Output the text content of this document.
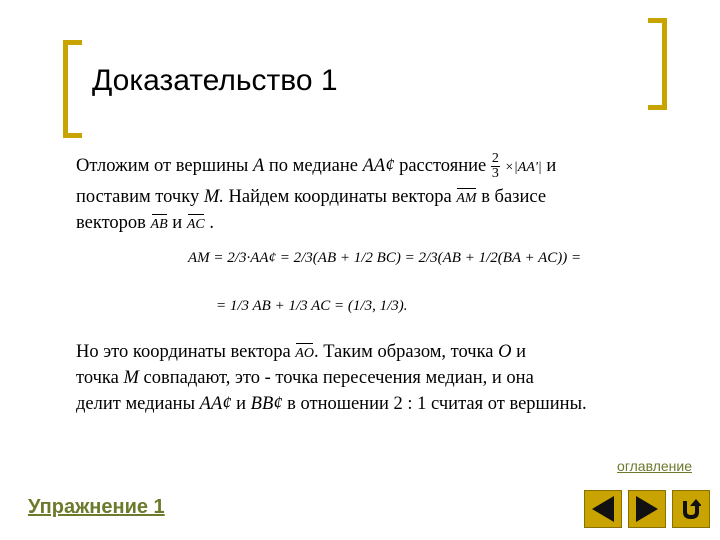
Доказательство 1
Отложим от вершины A по медиане AA¢ расстояние $\frac{2}{3} \times|AA'|$ и
поставим точку M. Найдем координаты вектора AM в базисе
векторов AB и AC .
AM = 2/3·AA¢ = 2/3(AB + 1/2 BC) = 2/3(AB + 1/2(BA + AC)) =
= 1/3 AB + 1/3 AC = (1/3, 1/3).
Но это координаты вектора AO. Таким образом, точка O и
точка M совпадают, это - точка пересечения медиан, и она
делит медианы AA¢ и BB¢ в отношении 2 : 1 считая от вершины.
оглавление
Упражнение 1
